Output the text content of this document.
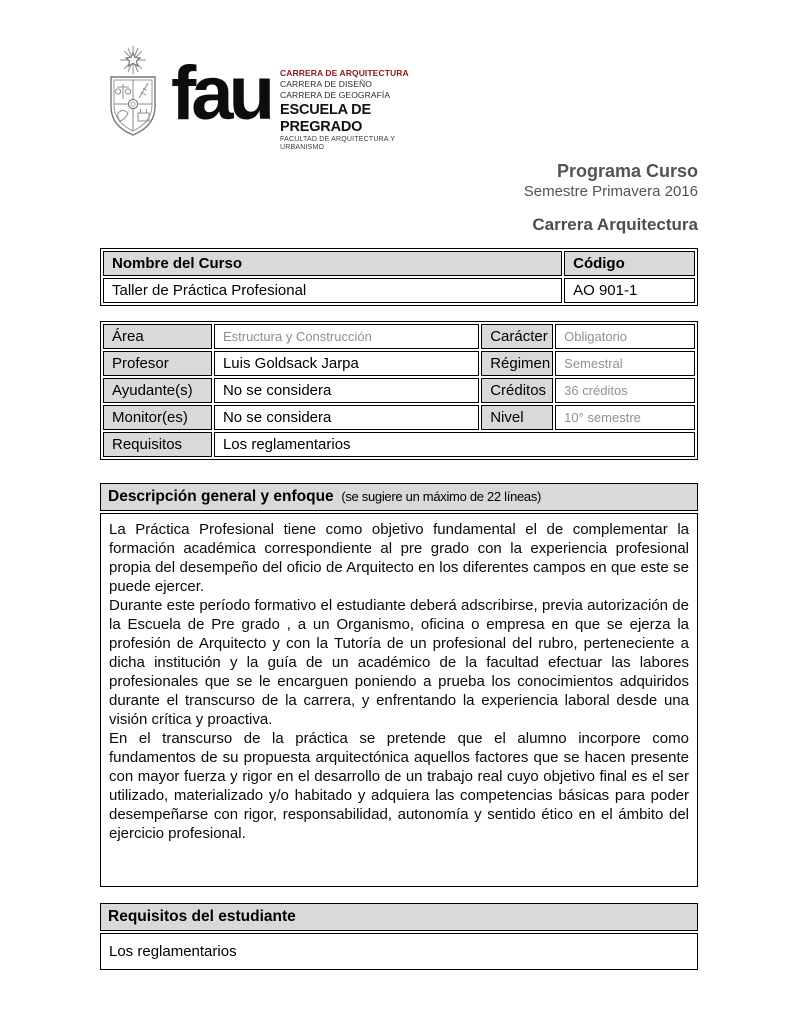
fau CARRERA DE ARQUITECTURA
CARRERA DE DISEÑO
CARRERA DE GEOGRAFÍA
ESCUELA DE PREGRADO
FACULTAD DE ARQUITECTURA Y URBANISMO
Programa Curso
Semestre Primavera 2016
Carrera Arquitectura
Nombre del Curso	Código
Taller de Práctica Profesional	AO 901-1
Área	Estructura y Construcción	Carácter	Obligatorio
Profesor	Luis Goldsack Jarpa	Régimen	Semestral
Ayudante(s)	No se considera	Créditos	36 créditos
Monitor(es)	No se considera	Nivel	10° semestre
Requisitos	Los reglamentarios		
Descripción general y enfoque (se sugiere un máximo de 22 líneas)

La Práctica Profesional tiene como objetivo fundamental el de complementar la formación académica correspondiente al pre grado con la experiencia profesional propia del desempeño del oficio de Arquitecto en los diferentes campos en que este se puede ejercer.

Durante este período formativo el estudiante deberá adscribirse, previa autorización de la Escuela de Pre grado , a un Organismo, oficina o empresa en que se ejerza la profesión de Arquitecto y con la Tutoría de un profesional del rubro, perteneciente a dicha institución y la guía de un académico de la facultad efectuar las labores profesionales que se le encarguen poniendo a prueba los conocimientos adquiridos durante el transcurso de la carrera, y enfrentando la experiencia laboral desde una visión crítica y proactiva.

En el transcurso de la práctica se pretende que el alumno incorpore como fundamentos de su propuesta arquitectónica aquellos factores que se hacen presente con mayor fuerza y rigor en el desarrollo de un trabajo real cuyo objetivo final es el ser utilizado, materializado y/o habitado y adquiera las competencias básicas para poder desempeñarse con rigor, responsabilidad, autonomía y sentido ético en el ámbito del ejercicio profesional.

Requisitos del estudiante
Los reglamentarios
